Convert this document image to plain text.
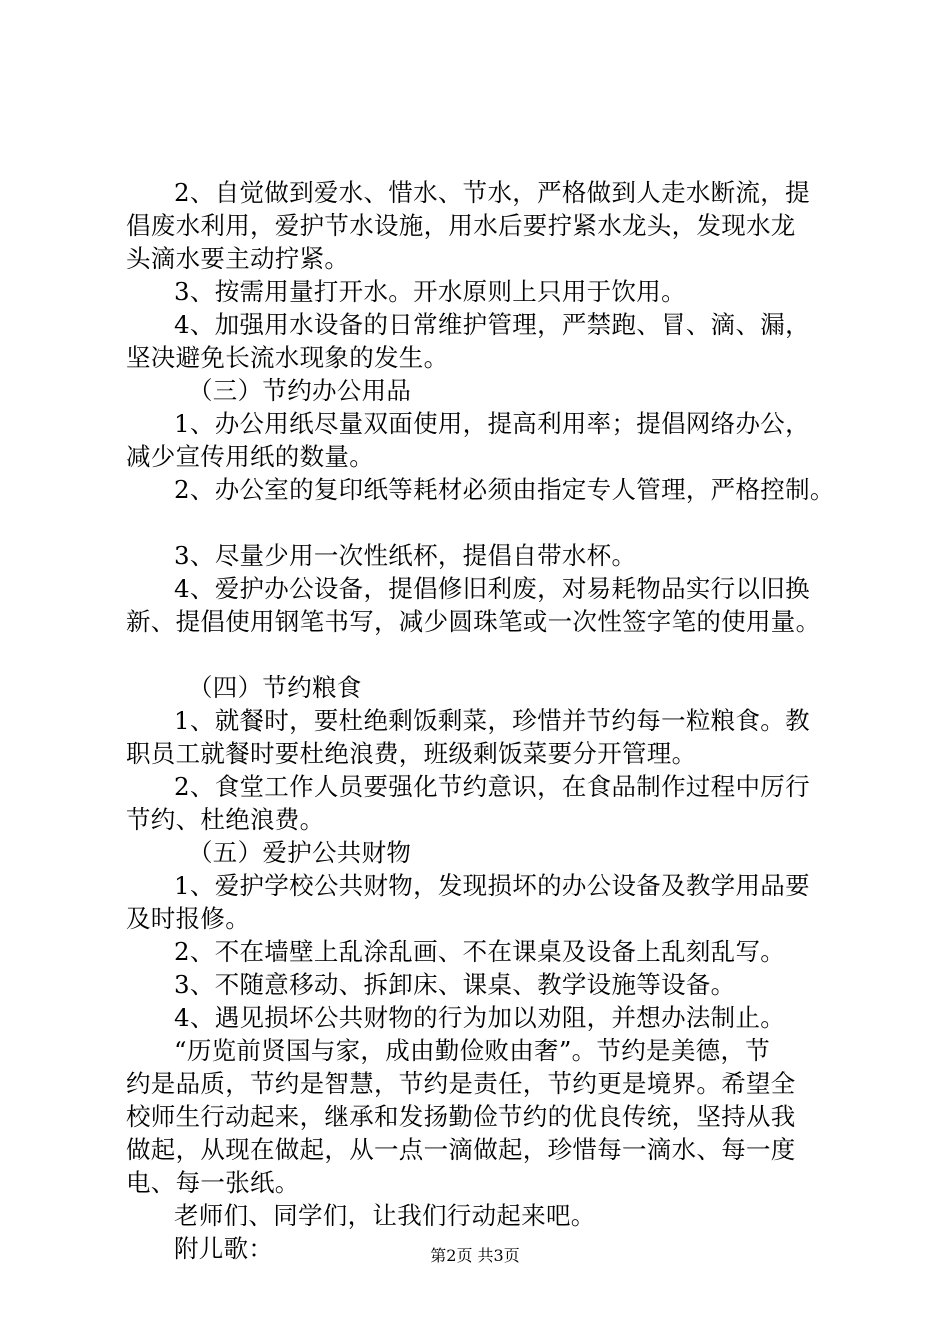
2、自觉做到爱水、惜水、节水，严格做到人走水断流，提
倡废水利用，爱护节水设施，用水后要拧紧水龙头，发现水龙
头滴水要主动拧紧。
3、按需用量打开水。开水原则上只用于饮用。
4、加强用水设备的日常维护管理，严禁跑、冒、滴、漏，
坚决避免长流水现象的发生。
（三）节约办公用品
1、办公用纸尽量双面使用，提高利用率；提倡网络办公，
减少宣传用纸的数量。
2、办公室的复印纸等耗材必须由指定专人管理，严格控制。
3、尽量少用一次性纸杯，提倡自带水杯。
4、爱护办公设备，提倡修旧利废，对易耗物品实行以旧换
新、提倡使用钢笔书写，减少圆珠笔或一次性签字笔的使用量。
（四）节约粮食
1、就餐时，要杜绝剩饭剩菜，珍惜并节约每一粒粮食。教
职员工就餐时要杜绝浪费，班级剩饭菜要分开管理。
2、食堂工作人员要强化节约意识，在食品制作过程中厉行
节约、杜绝浪费。
（五）爱护公共财物
1、爱护学校公共财物，发现损坏的办公设备及教学用品要
及时报修。
2、不在墙壁上乱涂乱画、不在课桌及设备上乱刻乱写。
3、不随意移动、拆卸床、课桌、教学设施等设备。
4、遇见损坏公共财物的行为加以劝阻，并想办法制止。
“历览前贤国与家，成由勤俭败由奢”。节约是美德，节
约是品质，节约是智慧，节约是责任，节约更是境界。希望全
校师生行动起来，继承和发扬勤俭节约的优良传统，坚持从我
做起，从现在做起，从一点一滴做起，珍惜每一滴水、每一度
电、每一张纸。
老师们、同学们，让我们行动起来吧。
附儿歌：	第2页 共3页
